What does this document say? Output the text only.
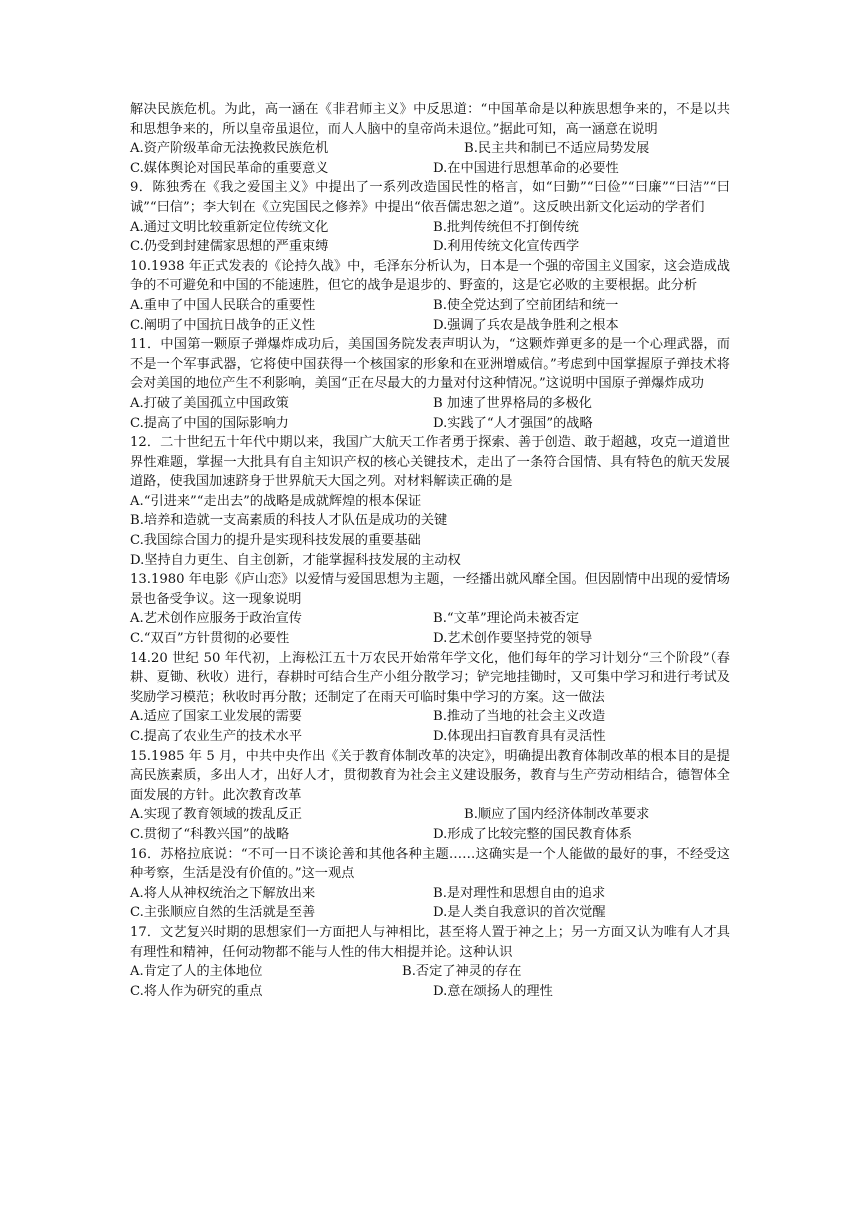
解决民族危机。为此，高一涵在《非君师主义》中反思道：“中国革命是以种族思想争来的，不是以共和思想争来的，所以皇帝虽退位，而人人脑中的皇帝尚未退位。”据此可知，高一涵意在说明
A.资产阶级革命无法挽救民族危机	B.民主共和制已不适应局势发展
C.媒体舆论对国民革命的重要意义	D.在中国进行思想革命的必要性
9．陈独秀在《我之爱国主义》中提出了一系列改造国民性的格言，如“曰勤”“曰俭”“曰廉”“曰洁”“曰诚”“曰信”；李大钊在《立宪国民之修养》中提出“依吾儒忠恕之道”。这反映出新文化运动的学者们
A.通过文明比较重新定位传统文化	B.批判传统但不打倒传统
C.仍受到封建儒家思想的严重束缚	D.利用传统文化宣传西学
10.1938 年正式发表的《论持久战》中，毛泽东分析认为，日本是一个强的帝国主义国家，这会造成战争的不可避免和中国的不能速胜，但它的战争是退步的、野蛮的，这是它必败的主要根据。此分析
A.重申了中国人民联合的重要性	B.使全党达到了空前团结和统一
C.阐明了中国抗日战争的正义性	D.强调了兵农是战争胜利之根本
11．中国第一颗原子弹爆炸成功后，美国国务院发表声明认为，“这颗炸弹更多的是一个心理武器，而不是一个军事武器，它将使中国获得一个核国家的形象和在亚洲增威信。”考虑到中国掌握原子弹技术将会对美国的地位产生不利影响，美国“正在尽最大的力量对付这种情况。”这说明中国原子弹爆炸成功
A.打破了美国孤立中国政策	B 加速了世界格局的多极化
C.提高了中国的国际影响力	D.实践了“人才强国”的战略
12．二十世纪五十年代中期以来，我国广大航天工作者勇于探索、善于创造、敢于超越，攻克一道道世界性难题，掌握一大批具有自主知识产权的核心关键技术，走出了一条符合国情、具有特色的航天发展道路，使我国加速跻身于世界航天大国之列。对材料解读正确的是
A.“引进来”“走出去”的战略是成就辉煌的根本保证
B.培养和造就一支高素质的科技人才队伍是成功的关键
C.我国综合国力的提升是实现科技发展的重要基础
D.坚持自力更生、自主创新，才能掌握科技发展的主动权
13.1980 年电影《庐山恋》以爱情与爱国思想为主题，一经播出就风靡全国。但因剧情中出现的爱情场景也备受争议。这一现象说明
A.艺术创作应服务于政治宣传	B.“文革”理论尚未被否定
C.“双百”方针贯彻的必要性	D.艺术创作要坚持党的领导
14.20 世纪 50 年代初，上海松江五十万农民开始常年学文化，他们每年的学习计划分“三个阶段”（春耕、夏锄、秋收）进行，春耕时可结合生产小组分散学习；铲完地挂锄时，又可集中学习和进行考试及奖励学习模范；秋收时再分散；还制定了在雨天可临时集中学习的方案。这一做法
A.适应了国家工业发展的需要	B.推动了当地的社会主义改造
C.提高了农业生产的技术水平	D.体现出扫盲教育具有灵活性
15.1985 年 5 月，中共中央作出《关于教育体制改革的决定》，明确提出教育体制改革的根本目的是提高民族素质，多出人才，出好人才，贯彻教育为社会主义建设服务，教育与生产劳动相结合，德智体全面发展的方针。此次教育改革
A.实现了教育领域的拨乱反正	B.顺应了国内经济体制改革要求
C.贯彻了“科教兴国”的战略	D.形成了比较完整的国民教育体系
16．苏格拉底说：“不可一日不谈论善和其他各种主题……这确实是一个人能做的最好的事，不经受这种考察，生活是没有价值的。”这一观点
A.将人从神权统治之下解放出来	B.是对理性和思想自由的追求
C.主张顺应自然的生活就是至善	D.是人类自我意识的首次觉醒
17．文艺复兴时期的思想家们一方面把人与神相比，甚至将人置于神之上；另一方面又认为唯有人才具有理性和精神，任何动物都不能与人性的伟大相提并论。这种认识
A.肯定了人的主体地位	B.否定了神灵的存在
C.将人作为研究的重点	D.意在颂扬人的理性
